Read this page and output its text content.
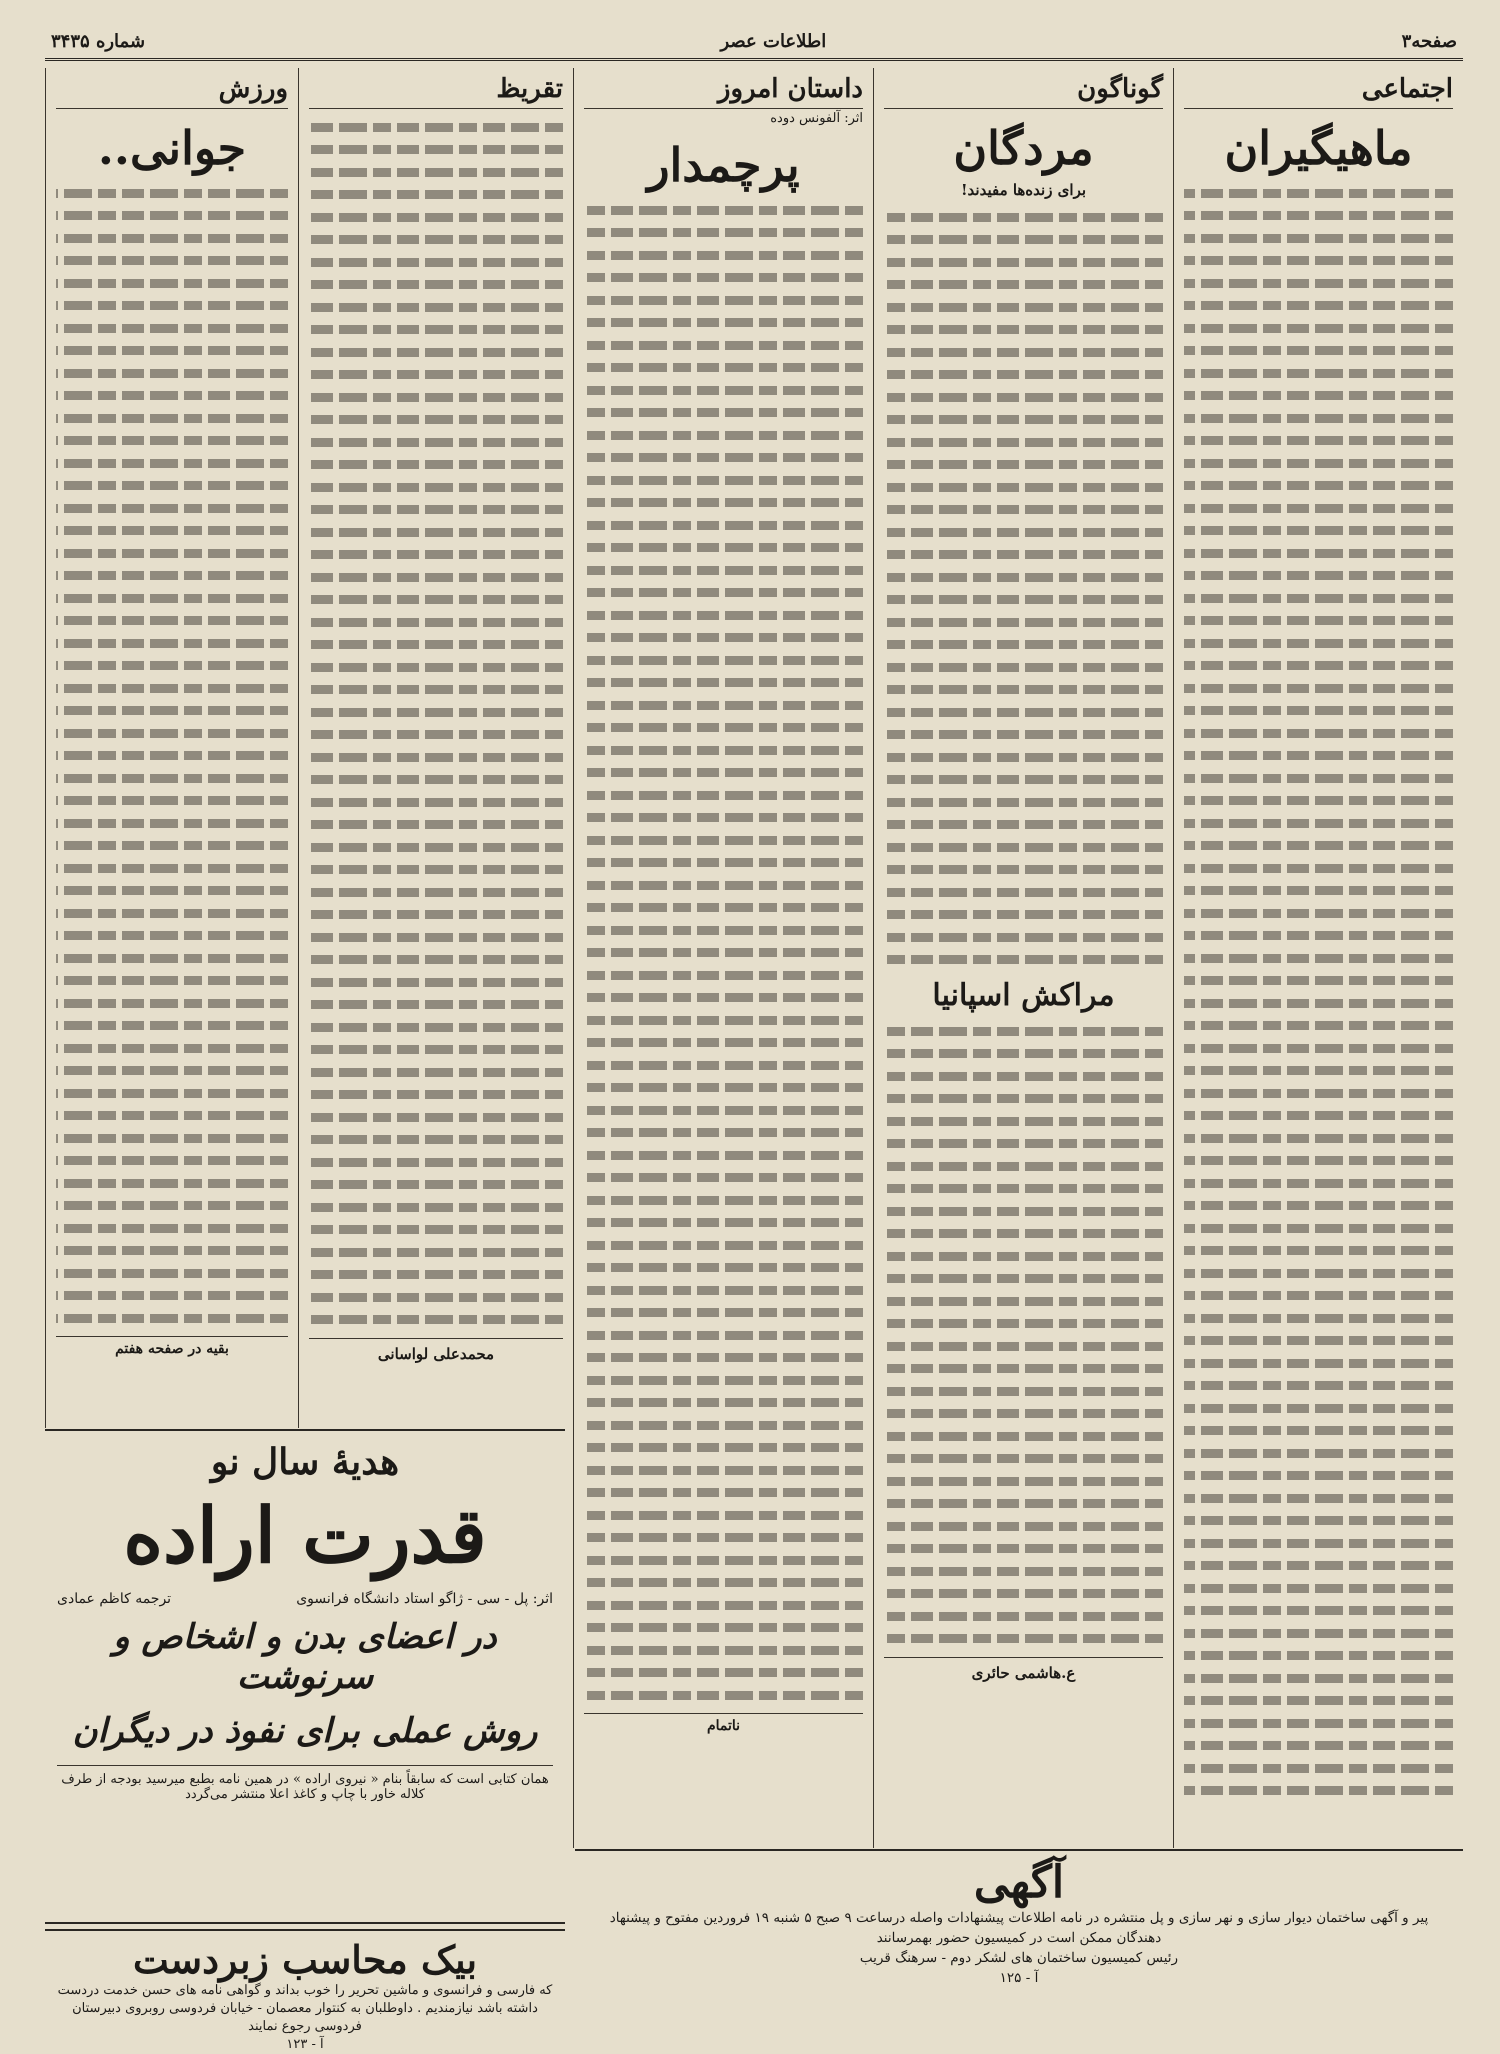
صفحه۳
اطلاعات عصر
شماره ۳۴۳۵
اجتماعی
ماهیگیران
گوناگون
مردگان
برای زنده‌ها مفیدند!
مراکش اسپانیا
ع.هاشمی حائری
داستان امروز
اثر: آلفونس دوده
پرچمدار
ناتمام
تقریظ
محمدعلی لواسانی
ورزش
جوانی..
بقیه در صفحه هفتم
هدیهٔ سال نو
قدرت اراده
اثر: پل - سی - ژاگو استاد دانشگاه فرانسوی
ترجمه کاظم عمادی
در اعضای بدن و اشخاص و سرنوشت
روش عملی برای نفوذ در دیگران
همان کتابی است که سابقاً بنام « نیروی اراده » در همین نامه بطبع میرسید بودجه از طرف کلاله خاور با چاپ و کاغذ اعلا منتشر می‌گردد
بیک محاسب زبردست
که فارسی و فرانسوی و ماشین تحریر را خوب بداند و گواهی نامه های حسن خدمت دردست داشته باشد نیازمندیم . داوطلبان به کنتوار معصمان - خیابان فردوسی روبروی دبیرستان فردوسی رجوع نمایند
آ - ۱۲۳
آگهی
پیر و آگهی ساختمان دیوار سازی و نهر سازی و پل منتشره در نامه اطلاعات پیشنهادات واصله درساعت ۹ صبح ۵ شنبه ۱۹ فروردین مفتوح و پیشنهاد دهندگان ممکن است در کمیسیون حضور بهمرسانند
رئیس کمیسیون ساختمان های لشکر دوم - سرهنگ قریب
آ - ۱۲۵
